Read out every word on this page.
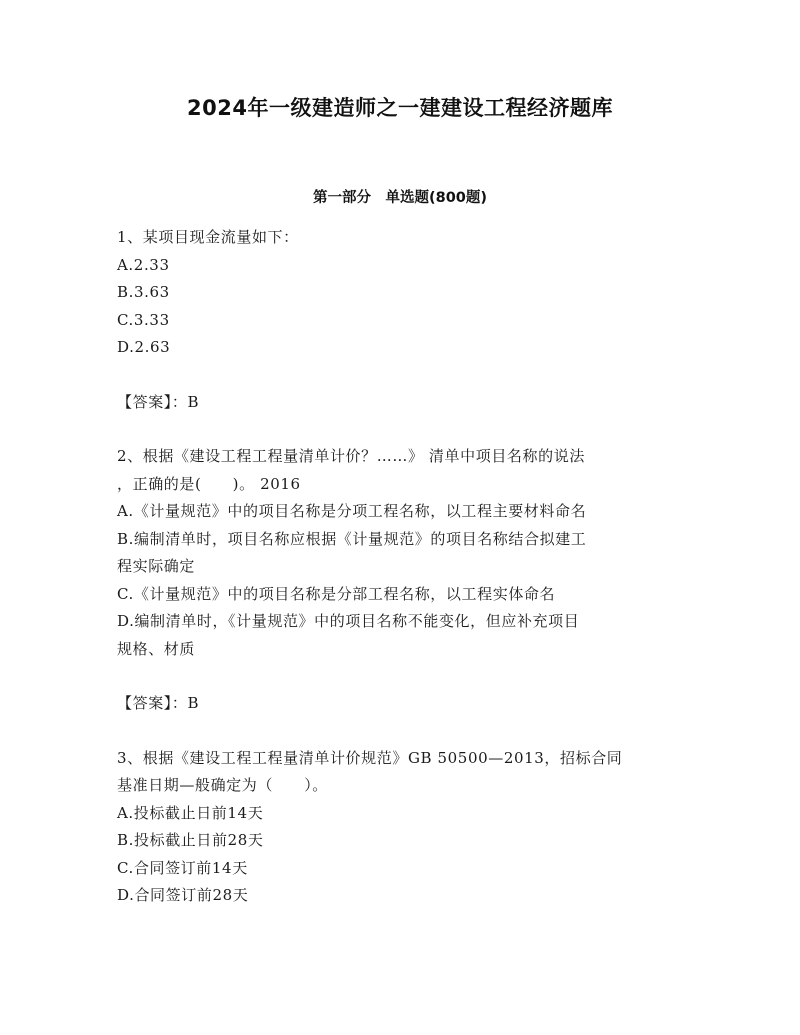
2024年一级建造师之一建建设工程经济题库
第一部分　单选题(800题)
1、某项目现金流量如下：
A.2.33
B.3.63
C.3.33
D.2.63

【答案】：B

2、根据《建设工程工程量清单计价？……》 清单中项目名称的说法
，正确的是(　　)。 2016
A.《计量规范》中的项目名称是分项工程名称，以工程主要材料命名
B.编制清单时，项目名称应根据《计量规范》的项目名称结合拟建工
程实际确定
C.《计量规范》中的项目名称是分部工程名称，以工程实体命名
D.编制清单时，《计量规范》中的项目名称不能变化，但应补充项目
规格、材质

【答案】：B

3、根据《建设工程工程量清单计价规范》GB 50500—2013，招标合同
基准日期—般确定为（　　）。
A.投标截止日前14天
B.投标截止日前28天
C.合同签订前14天
D.合同签订前28天
